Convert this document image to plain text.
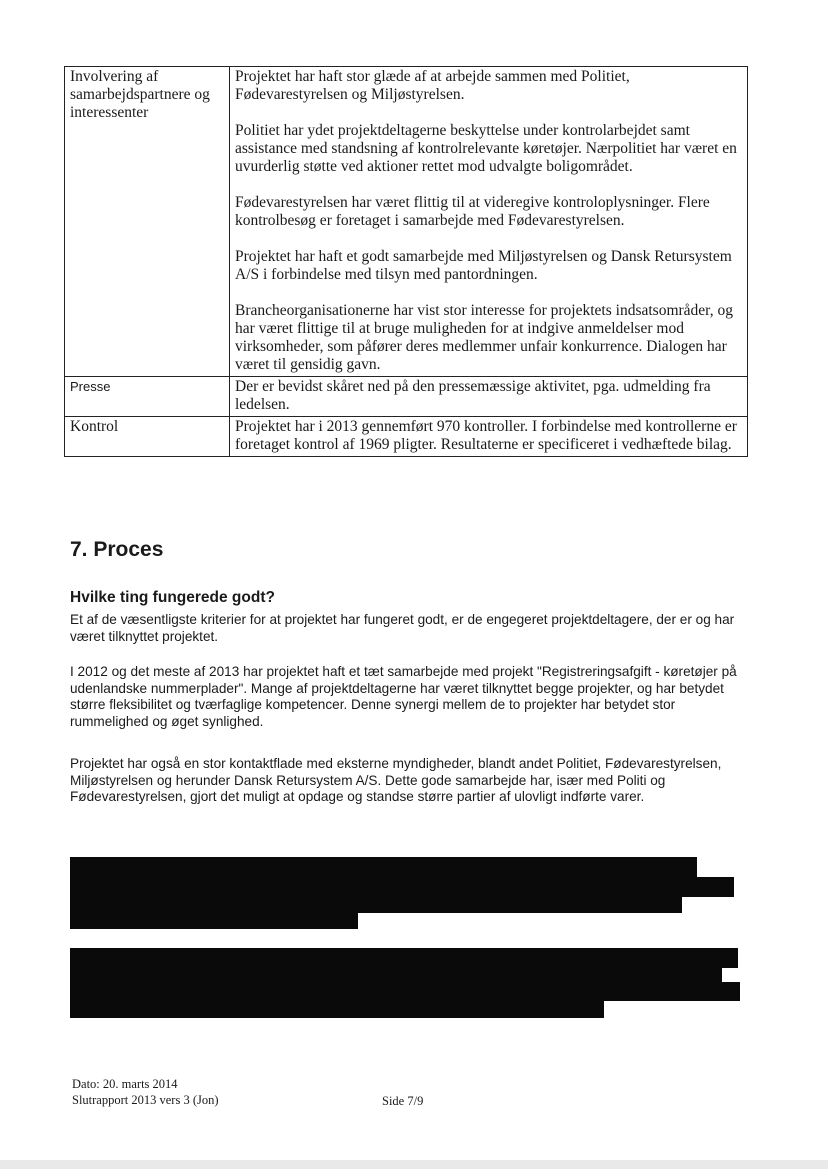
Involvering af samarbejdspartnere og interessenter	Projektet har haft stor glæde af at arbejde sammen med Politiet, Fødevarestyrelsen og Miljøstyrelsen.

Politiet har ydet projektdeltagerne beskyttelse under kontrolarbejdet samt assistance med standsning af kontrolrelevante køretøjer. Nærpolitiet har været en uvurderlig støtte ved aktioner rettet mod udvalgte boligområdet.

Fødevarestyrelsen har været flittig til at videregive kontroloplysninger. Flere kontrolbesøg er foretaget i samarbejde med Fødevarestyrelsen.

Projektet har haft et godt samarbejde med Miljøstyrelsen og Dansk Retursystem A/S i forbindelse med tilsyn med pantordningen.

Brancheorganisationerne har vist stor interesse for projektets indsatsområder, og har været flittige til at bruge muligheden for at indgive anmeldelser mod virksomheder, som påfører deres medlemmer unfair konkurrence. Dialogen har været til gensidig gavn.

Presse	Der er bevidst skåret ned på den pressemæssige aktivitet, pga. udmelding fra ledelsen.

Kontrol	Projektet har i 2013 gennemført 970 kontroller. I forbindelse med kontrollerne er foretaget kontrol af 1969 pligter. Resultaterne er specificeret i vedhæftede bilag.

7. Proces
Hvilke ting fungerede godt?

Et af de væsentligste kriterier for at projektet har fungeret godt, er de engegeret projektdeltagere, der er og har været tilknyttet projektet.

I 2012 og det meste af 2013 har projektet haft et tæt samarbejde med projekt "Registreringsafgift - køretøjer på udenlandske nummerplader". Mange af projektdeltagerne har været tilknyttet begge projekter, og har betydet større fleksibilitet og tværfaglige kompetencer. Denne synergi mellem de to projekter har betydet stor rummelighed og øget synlighed.

Projektet har også en stor kontaktflade med eksterne myndigheder, blandt andet Politiet, Fødevarestyrelsen, Miljøstyrelsen og herunder Dansk Retursystem A/S. Dette gode samarbejde har, især med Politi og Fødevarestyrelsen, gjort det muligt at opdage og standse større partier af ulovligt indførte varer.

Dato: 20. marts 2014
Slutrapport 2013 vers 3 (Jon)	Side 7/9
